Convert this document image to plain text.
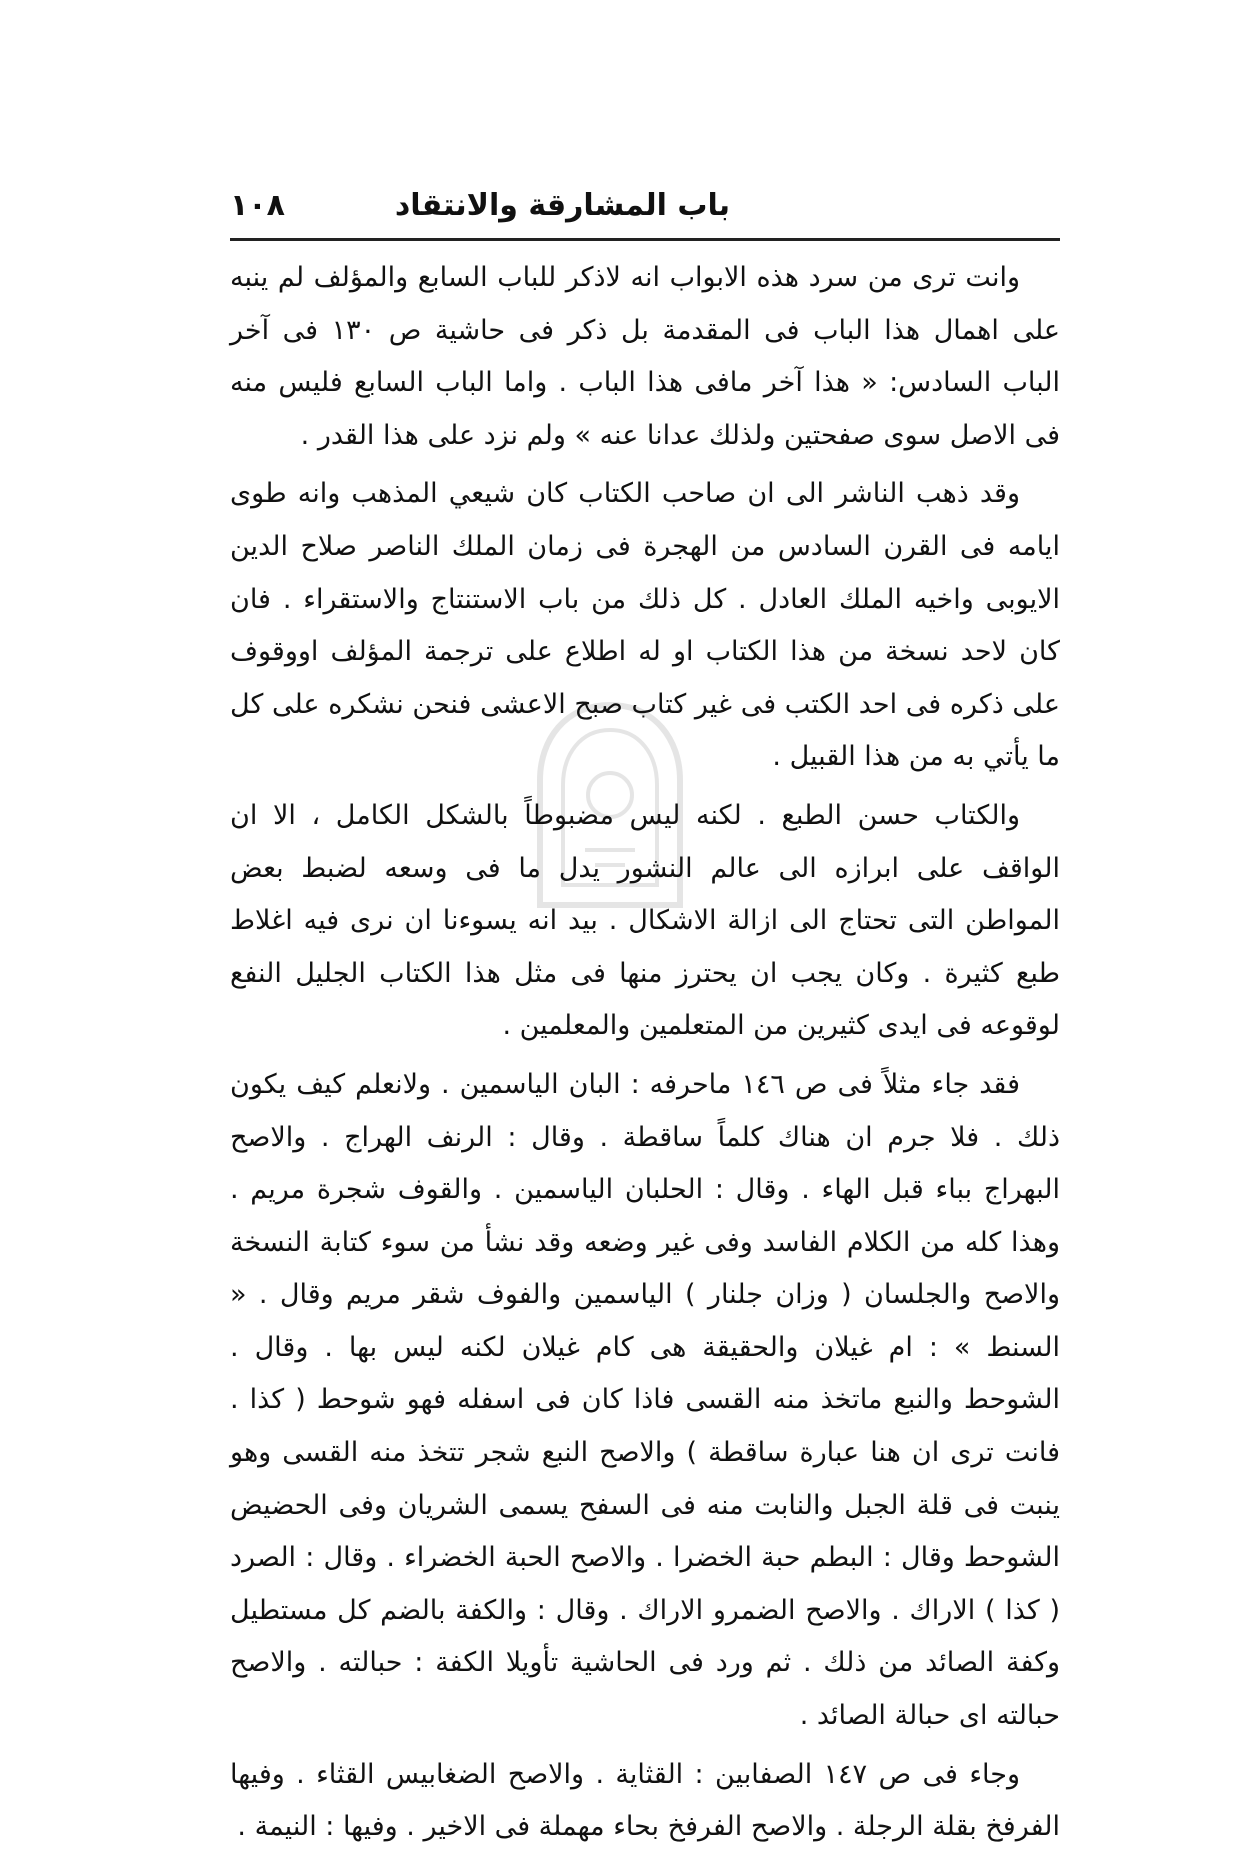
١٠٨	باب المشارقة والانتقاد

وانت ترى من سرد هذه الابواب انه لاذكر للباب السابع والمؤلف لم ينبه على اهمال هذا الباب فى المقدمة بل ذكر فى حاشية ص ١٣٠ فى آخر الباب السادس: « هذا آخر مافى هذا الباب . واما الباب السابع فليس منه فى الاصل سوى صفحتين ولذلك عدانا عنه » ولم نزد على هذا القدر .

وقد ذهب الناشر الى ان صاحب الكتاب كان شيعي المذهب وانه طوى ايامه فى القرن السادس من الهجرة فى زمان الملك الناصر صلاح الدين الايوبى واخيه الملك العادل . كل ذلك من باب الاستنتاج والاستقراء . فان كان لاحد نسخة من هذا الكتاب او له اطلاع على ترجمة المؤلف اووقوف على ذكره فى احد الكتب فى غير كتاب صبح الاعشى فنحن نشكره على كل ما يأتي به من هذا القبيل .

والكتاب حسن الطبع . لكنه ليس مضبوطاً بالشكل الكامل ، الا ان الواقف على ابرازه الى عالم النشور يدل ما فى وسعه لضبط بعض المواطن التى تحتاج الى ازالة الاشكال . بيد انه يسوءنا ان نرى فيه اغلاط طبع كثيرة . وكان يجب ان يحترز منها فى مثل هذا الكتاب الجليل النفع لوقوعه فى ايدى كثيرين من المتعلمين والمعلمين .

فقد جاء مثلاً فى ص ١٤٦ ماحرفه : البان الياسمين . ولانعلم كيف يكون ذلك . فلا جرم ان هناك كلماً ساقطة . وقال : الرنف الهراج . والاصح البهراج بباء قبل الهاء . وقال : الحلبان الياسمين . والقوف شجرة مريم . وهذا كله من الكلام الفاسد وفى غير وضعه وقد نشأ من سوء كتابة النسخة والاصح والجلسان ( وزان جلنار ) الياسمين والفوف شقر مريم وقال . « السنط » : ام غيلان والحقيقة هى كام غيلان لكنه ليس بها . وقال . الشوحط والنبع ماتخذ منه القسى فاذا كان فى اسفله فهو شوحط ( كذا . فانت ترى ان هنا عبارة ساقطة ) والاصح النبع شجر تتخذ منه القسى وهو ينبت فى قلة الجبل والنابت منه فى السفح يسمى الشريان وفى الحضيض الشوحط وقال : البطم حبة الخضرا . والاصح الحبة الخضراء . وقال : الصرد ( كذا ) الاراك . والاصح الضمرو الاراك . وقال : والكفة بالضم كل مستطيل وكفة الصائد من ذلك . ثم ورد فى الحاشية تأويلا الكفة : حبالته . والاصح حبالته اى حبالة الصائد .

وجاء فى ص ١٤٧ الصفابين : القثاية . والاصح الضغابيس القثاء . وفيها الفرفخ بقلة الرجلة . والاصح الفرفخ بحاء مهملة فى الاخير . وفيها : النيمة .
